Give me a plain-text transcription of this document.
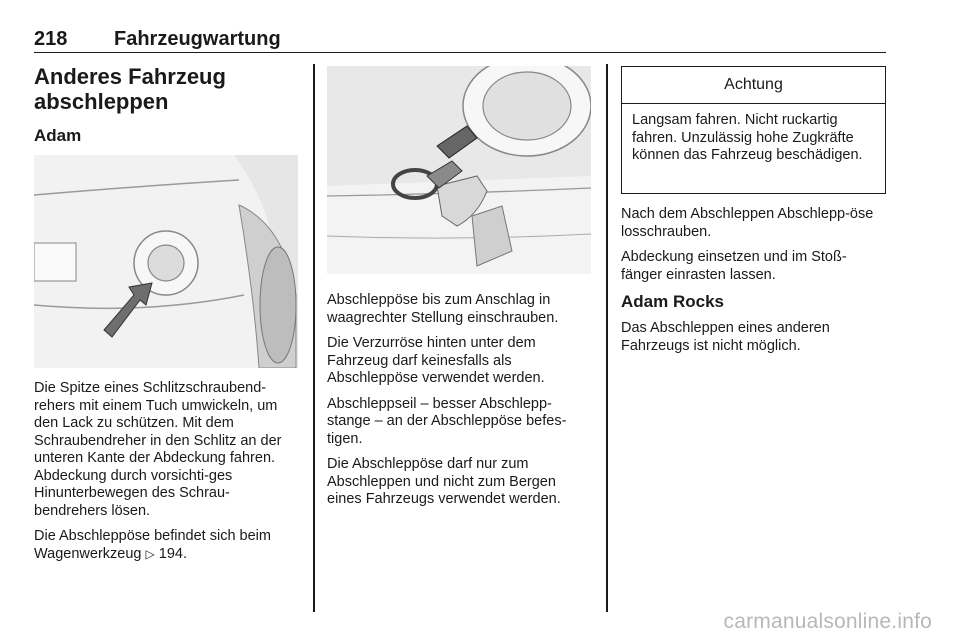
218 Fahrzeugwartung
Anderes Fahrzeug abschleppen
Adam

Die Spitze eines Schlitzschraubend-rehers mit einem Tuch umwickeln, um den Lack zu schützen. Mit dem Schraubendreher in den Schlitz an der unteren Kante der Abdeckung fahren. Abdeckung durch vorsichti-ges Hinunterbewegen des Schrau-bendrehers lösen.

Die Abschleppöse befindet sich beim Wagenwerkzeug ▷ 194.

Abschleppöse bis zum Anschlag in waagrechter Stellung einschrauben.

Die Verzurröse hinten unter dem Fahrzeug darf keinesfalls als Abschleppöse verwendet werden.

Abschleppseil – besser Abschlepp-stange – an der Abschleppöse befes-tigen.

Die Abschleppöse darf nur zum Abschleppen und nicht zum Bergen eines Fahrzeugs verwendet werden.

Achtung
Langsam fahren. Nicht ruckartig fahren. Unzulässig hohe Zugkräfte können das Fahrzeug beschädigen.

Nach dem Abschleppen Abschlepp-öse losschrauben.

Abdeckung einsetzen und im Stoß-fänger einrasten lassen.

Adam Rocks

Das Abschleppen eines anderen Fahrzeugs ist nicht möglich.

carmanualsonline.info
